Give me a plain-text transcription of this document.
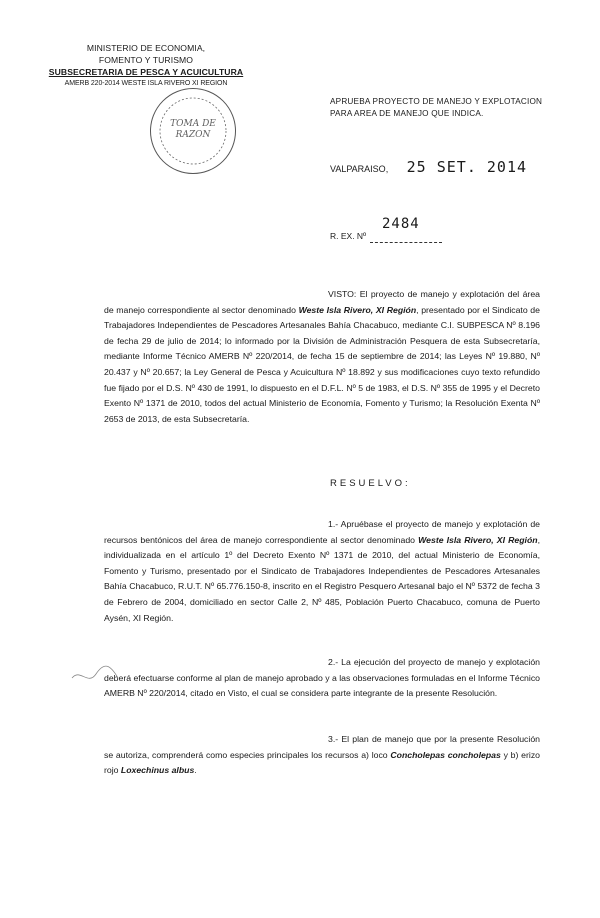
MINISTERIO DE ECONOMIA,
FOMENTO Y TURISMO
SUBSECRETARIA DE PESCA Y ACUICULTURA
AMERB 220-2014 WESTE ISLA RIVERO XI REGION
TOMA DE
RAZON
APRUEBA PROYECTO DE MANEJO Y EXPLOTACION
PARA AREA DE MANEJO QUE INDICA.
VALPARAISO, 25 SET. 2014
R. EX. Nº
2484
VISTO: El proyecto de manejo y explotación del área de manejo correspondiente al sector denominado Weste Isla Rivero, XI Región, presentado por el Sindicato de Trabajadores Independientes de Pescadores Artesanales Bahía Chacabuco, mediante C.I. SUBPESCA Nº 8.196 de fecha 29 de julio de 2014; lo informado por la División de Administración Pesquera de esta Subsecretaría, mediante Informe Técnico AMERB Nº 220/2014, de fecha 15 de septiembre de 2014; las Leyes Nº 19.880, Nº 20.437 y Nº 20.657; la Ley General de Pesca y Acuicultura Nº 18.892 y sus modificaciones cuyo texto refundido fue fijado por el D.S. Nº 430 de 1991, lo dispuesto en el D.F.L. Nº 5 de 1983, el D.S. Nº 355 de 1995 y el Decreto Exento Nº 1371 de 2010, todos del actual Ministerio de Economía, Fomento y Turismo; la Resolución Exenta Nº 2653 de 2013, de esta Subsecretaría.
RESUELVO:
1.- Apruébase el proyecto de manejo y explotación de recursos bentónicos del área de manejo correspondiente al sector denominado Weste Isla Rivero, XI Región, individualizada en el artículo 1º del Decreto Exento Nº 1371 de 2010, del actual Ministerio de Economía, Fomento y Turismo, presentado por el Sindicato de Trabajadores Independientes de Pescadores Artesanales Bahía Chacabuco, R.U.T. Nº 65.776.150-8, inscrito en el Registro Pesquero Artesanal bajo el Nº 5372 de fecha 3 de Febrero de 2004, domiciliado en sector Calle 2, Nº 485, Población Puerto Chacabuco, comuna de Puerto Aysén, XI Región.
2.- La ejecución del proyecto de manejo y explotación deberá efectuarse conforme al plan de manejo aprobado y a las observaciones formuladas en el Informe Técnico AMERB Nº 220/2014, citado en Visto, el cual se considera parte integrante de la presente Resolución.
3.- El plan de manejo que por la presente Resolución se autoriza, comprenderá como especies principales los recursos a) loco Concholepas concholepas y b) erizo rojo Loxechinus albus.
